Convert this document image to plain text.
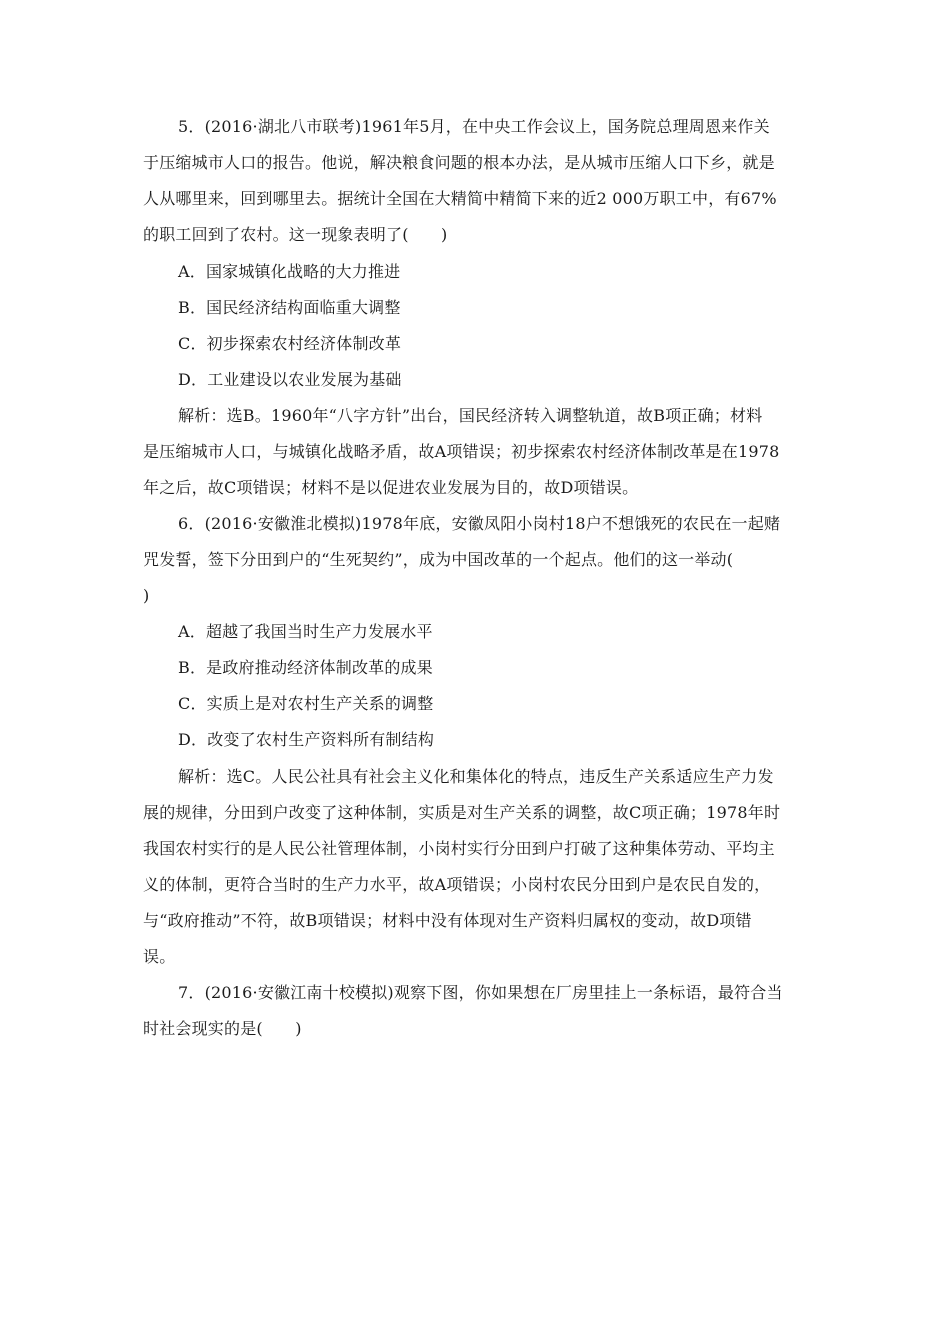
5．(2016·湖北八市联考)1961年5月，在中央工作会议上，国务院总理周恩来作关
于压缩城市人口的报告。他说，解决粮食问题的根本办法，是从城市压缩人口下乡，就是
人从哪里来，回到哪里去。据统计全国在大精简中精简下来的近2 000万职工中，有67%
的职工回到了农村。这一现象表明了(　　)
A．国家城镇化战略的大力推进
B．国民经济结构面临重大调整
C．初步探索农村经济体制改革
D．工业建设以农业发展为基础
解析：选B。1960年“八字方针”出台，国民经济转入调整轨道，故B项正确；材料
是压缩城市人口，与城镇化战略矛盾，故A项错误；初步探索农村经济体制改革是在1978
年之后，故C项错误；材料不是以促进农业发展为目的，故D项错误。
6．(2016·安徽淮北模拟)1978年底，安徽凤阳小岗村18户不想饿死的农民在一起赌
咒发誓，签下分田到户的“生死契约”，成为中国改革的一个起点。他们的这一举动(
)
A．超越了我国当时生产力发展水平
B．是政府推动经济体制改革的成果
C．实质上是对农村生产关系的调整
D．改变了农村生产资料所有制结构
解析：选C。人民公社具有社会主义化和集体化的特点，违反生产关系适应生产力发
展的规律，分田到户改变了这种体制，实质是对生产关系的调整，故C项正确；1978年时
我国农村实行的是人民公社管理体制，小岗村实行分田到户打破了这种集体劳动、平均主
义的体制，更符合当时的生产力水平，故A项错误；小岗村农民分田到户是农民自发的，
与“政府推动”不符，故B项错误；材料中没有体现对生产资料归属权的变动，故D项错
误。
7．(2016·安徽江南十校模拟)观察下图，你如果想在厂房里挂上一条标语，最符合当
时社会现实的是(　　)
